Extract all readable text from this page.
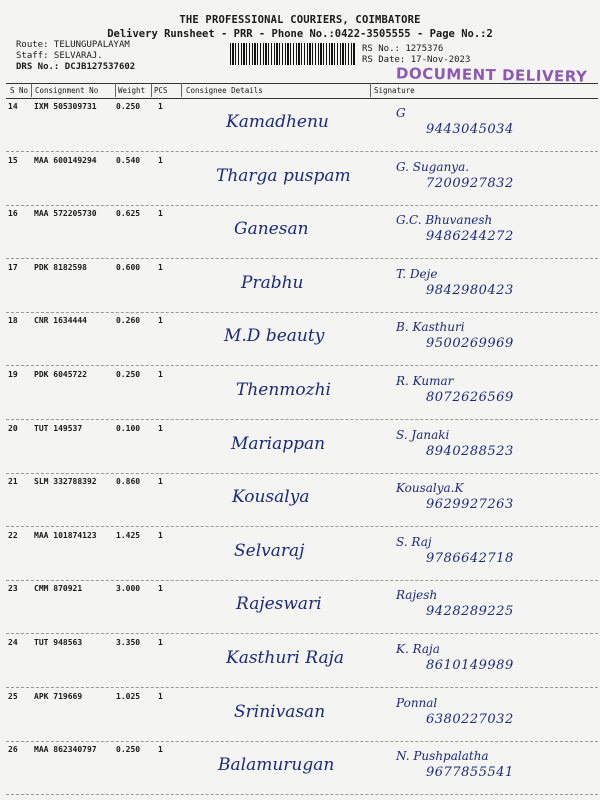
THE PROFESSIONAL COURIERS, COIMBATORE
Delivery Runsheet - PRR - Phone No.:0422-3505555 - Page No.:2
Route: TELUNGUPALAYAM
Staff: SELVARAJ.
DRS No.: DCJB127537602
RS No.: 1275376
RS Date: 17-Nov-2023
DOCUMENT DELIVERY
S No Consignment No	Weight PCS Consignee Details	Signature
14 IXM 505309731 0.250 1
Kamadhenu	G
9443045034
15 MAA 600149294 0.540 1
Tharga puspam	G. Suganya.
7200927832
16 MAA 572205730 0.625 1
Ganesan	G.C. Bhuvanesh
9486244272
17 PDK 8182598	0.600 1
Prabhu	T. Deje
9842980423
18 CNR 1634444	0.260 1
M.D beauty	B. Kasthuri
9500269969
19 PDK 6045722	0.250 1
Thenmozhi	R. Kumar
8072626569
20 TUT 149537	0.100 1
Mariappan	S. Janaki
8940288523
21 SLM 332788392 0.860 1
Kousalya	Kousalya.K
9629927263
22 MAA 101874123 1.425 1
Selvaraj	S. Raj
9786642718
23 CMM 870921	3.000 1
Rajeswari	Rajesh
9428289225
24 TUT 948563	3.350 1
Kasthuri Raja	K. Raja
8610149989
25 APK 719669	1.025 1
Srinivasan	Ponnal
6380227032
26 MAA 862340797 0.250 1
Balamurugan	N. Pushpalatha
9677855541
